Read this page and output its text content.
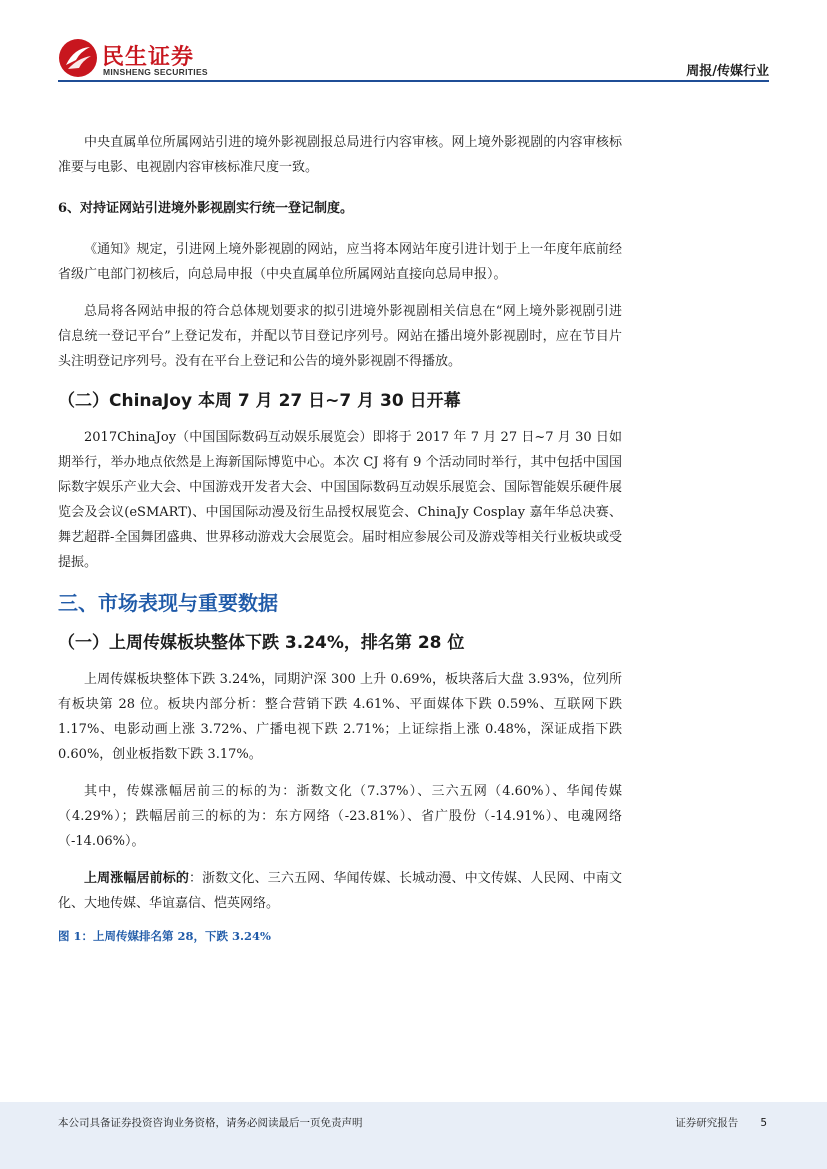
民生证券
MINSHENG SECURITIES	周报/传媒行业

中央直属单位所属网站引进的境外影视剧报总局进行内容审核。网上境外影视剧的内容审核标准要与电影、电视剧内容审核标准尺度一致。

6、对持证网站引进境外影视剧实行统一登记制度。

《通知》规定，引进网上境外影视剧的网站，应当将本网站年度引进计划于上一年度年底前经省级广电部门初核后，向总局申报（中央直属单位所属网站直接向总局申报）。

总局将各网站申报的符合总体规划要求的拟引进境外影视剧相关信息在“网上境外影视剧引进信息统一登记平台”上登记发布，并配以节目登记序列号。网站在播出境外影视剧时，应在节目片头注明登记序列号。没有在平台上登记和公告的境外影视剧不得播放。

（二）ChinaJoy 本周 7 月 27 日~7 月 30 日开幕

2017ChinaJoy（中国国际数码互动娱乐展览会）即将于 2017 年 7 月 27 日~7 月 30 日如期举行，举办地点依然是上海新国际博览中心。本次 CJ 将有 9 个活动同时举行，其中包括中国国际数字娱乐产业大会、中国游戏开发者大会、中国国际数码互动娱乐展览会、国际智能娱乐硬件展览会及会议(eSMART)、中国国际动漫及衍生品授权展览会、ChinaJy Cosplay 嘉年华总决赛、舞艺超群-全国舞团盛典、世界移动游戏大会展览会。届时相应参展公司及游戏等相关行业板块或受提振。

三、市场表现与重要数据
（一）上周传媒板块整体下跌 3.24%，排名第 28 位

上周传媒板块整体下跌 3.24%，同期沪深 300 上升 0.69%，板块落后大盘 3.93%，位列所有板块第 28 位。板块内部分析：整合营销下跌 4.61%、平面媒体下跌 0.59%、互联网下跌 1.17%、电影动画上涨 3.72%、广播电视下跌 2.71%；上证综指上涨 0.48%，深证成指下跌 0.60%，创业板指数下跌 3.17%。

其中，传媒涨幅居前三的标的为：浙数文化（7.37%）、三六五网（4.60%）、华闻传媒（4.29%）；跌幅居前三的标的为：东方网络（-23.81%）、省广股份（-14.91%）、电魂网络（-14.06%）。

上周涨幅居前标的：浙数文化、三六五网、华闻传媒、长城动漫、中文传媒、人民网、中南文化、大地传媒、华谊嘉信、恺英网络。

图 1：上周传媒排名第 28，下跌 3.24%
本公司具备证券投资咨询业务资格，请务必阅读最后一页免责声明	证券研究报告 5
